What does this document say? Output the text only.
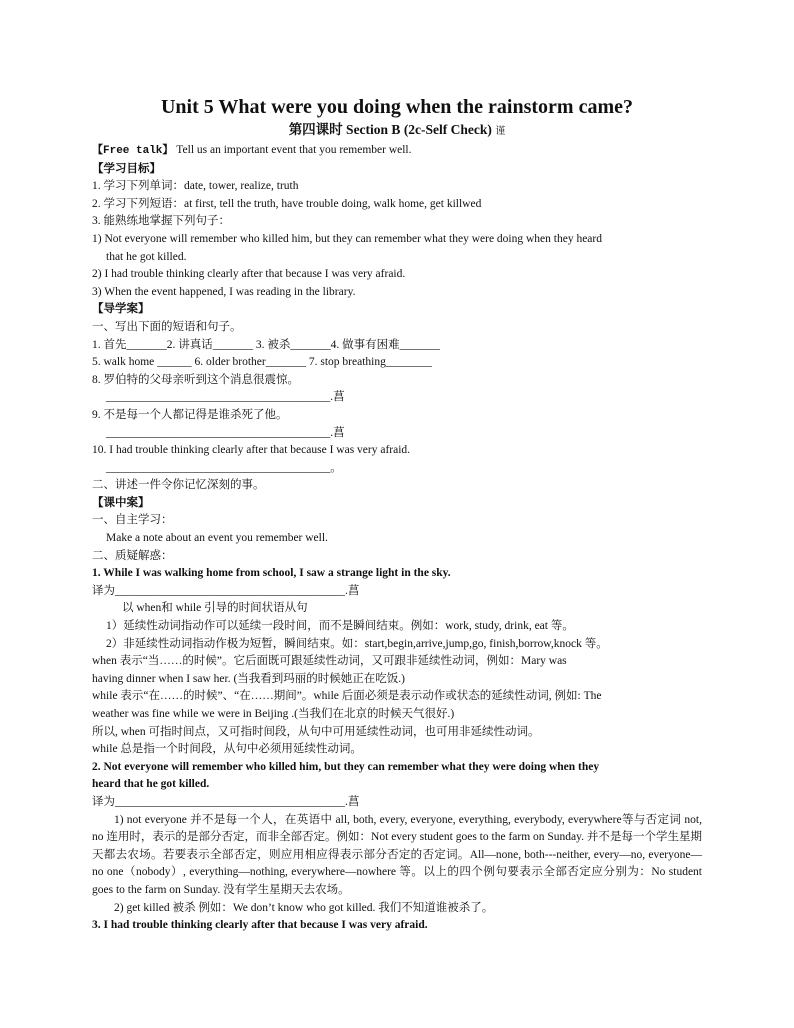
Unit 5 What were you doing when the rainstorm came?
第四课时 Section B (2c-Self Check) 谨
【Free talk】 Tell us an important event that you remember well.
【学习目标】
1. 学习下列单词：date, tower, realize, truth
2. 学习下列短语：at first, tell the truth, have trouble doing, walk home, get killwed
3. 能熟练地掌握下列句子：
1) Not everyone will remember who killed him, but they can remember what they were doing when they heard
that he got killed.
2) I had trouble thinking clearly after that because I was very afraid.
3) When the event happened, I was reading in the library.
【导学案】
一、写出下面的短语和句子。
1. 首先_______2. 讲真话_______ 3. 被杀_______4. 做事有困难_______
5. walk home ______ 6. older brother_______ 7. stop breathing________
8. 罗伯特的父母亲听到这个消息很震惊。
_______________________________________.菖
9. 不是每一个人都记得是谁杀死了他。
_______________________________________.菖
10. I had trouble thinking clearly after that because I was very afraid.
_______________________________________。
二、讲述一件令你记忆深刻的事。
【课中案】
一、自主学习：
Make a note about an event you remember well.
二、质疑解惑：
1. While I was walking home from school, I saw a strange light in the sky.
译为________________________________________.菖
以 when和 while 引导的时间状语从句
1）延续性动词指动作可以延续一段时间，而不是瞬间结束。例如：work, study, drink, eat 等。
2）非延续性动词指动作极为短暂，瞬间结束。如：start,begin,arrive,jump,go, finish,borrow,knock 等。
when 表示“当……的时候”。它后面既可跟延续性动词，又可跟非延续性动词，例如：Mary was
having dinner when I saw her. (当我看到玛丽的时候她正在吃饭.)
while 表示“在……的时候”、“在……期间”。while 后面必须是表示动作或状态的延续性动词, 例如: The
weather was fine while we were in Beijing .(当我们在北京的时候天气很好.)
所以, when 可指时间点，又可指时间段，从句中可用延续性动词，也可用非延续性动词。
while 总是指一个时间段，从句中必须用延续性动词。
2. Not everyone will remember who killed him, but they can remember what they were doing when they
heard that he got killed.
译为________________________________________.菖
1) not everyone 并不是每一个人，在英语中 all, both, every, everyone, everything, everybody, everywhere等与否定词 not, no 连用时，表示的是部分否定，而非全部否定。例如：Not every student goes to the farm on Sunday. 并不是每一个学生星期天都去农场。若要表示全部否定，则应用相应得表示部分否定的否定词。All—none, both---neither, every—no, everyone—no one（nobody）, everything—nothing, everywhere—nowhere 等。以上的四个例句要表示全部否定应分别为：No student goes to the farm on Sunday. 没有学生星期天去农场。
2) get killed 被杀 例如：We don’t know who got killed. 我们不知道谁被杀了。
3. I had trouble thinking clearly after that because I was very afraid.
